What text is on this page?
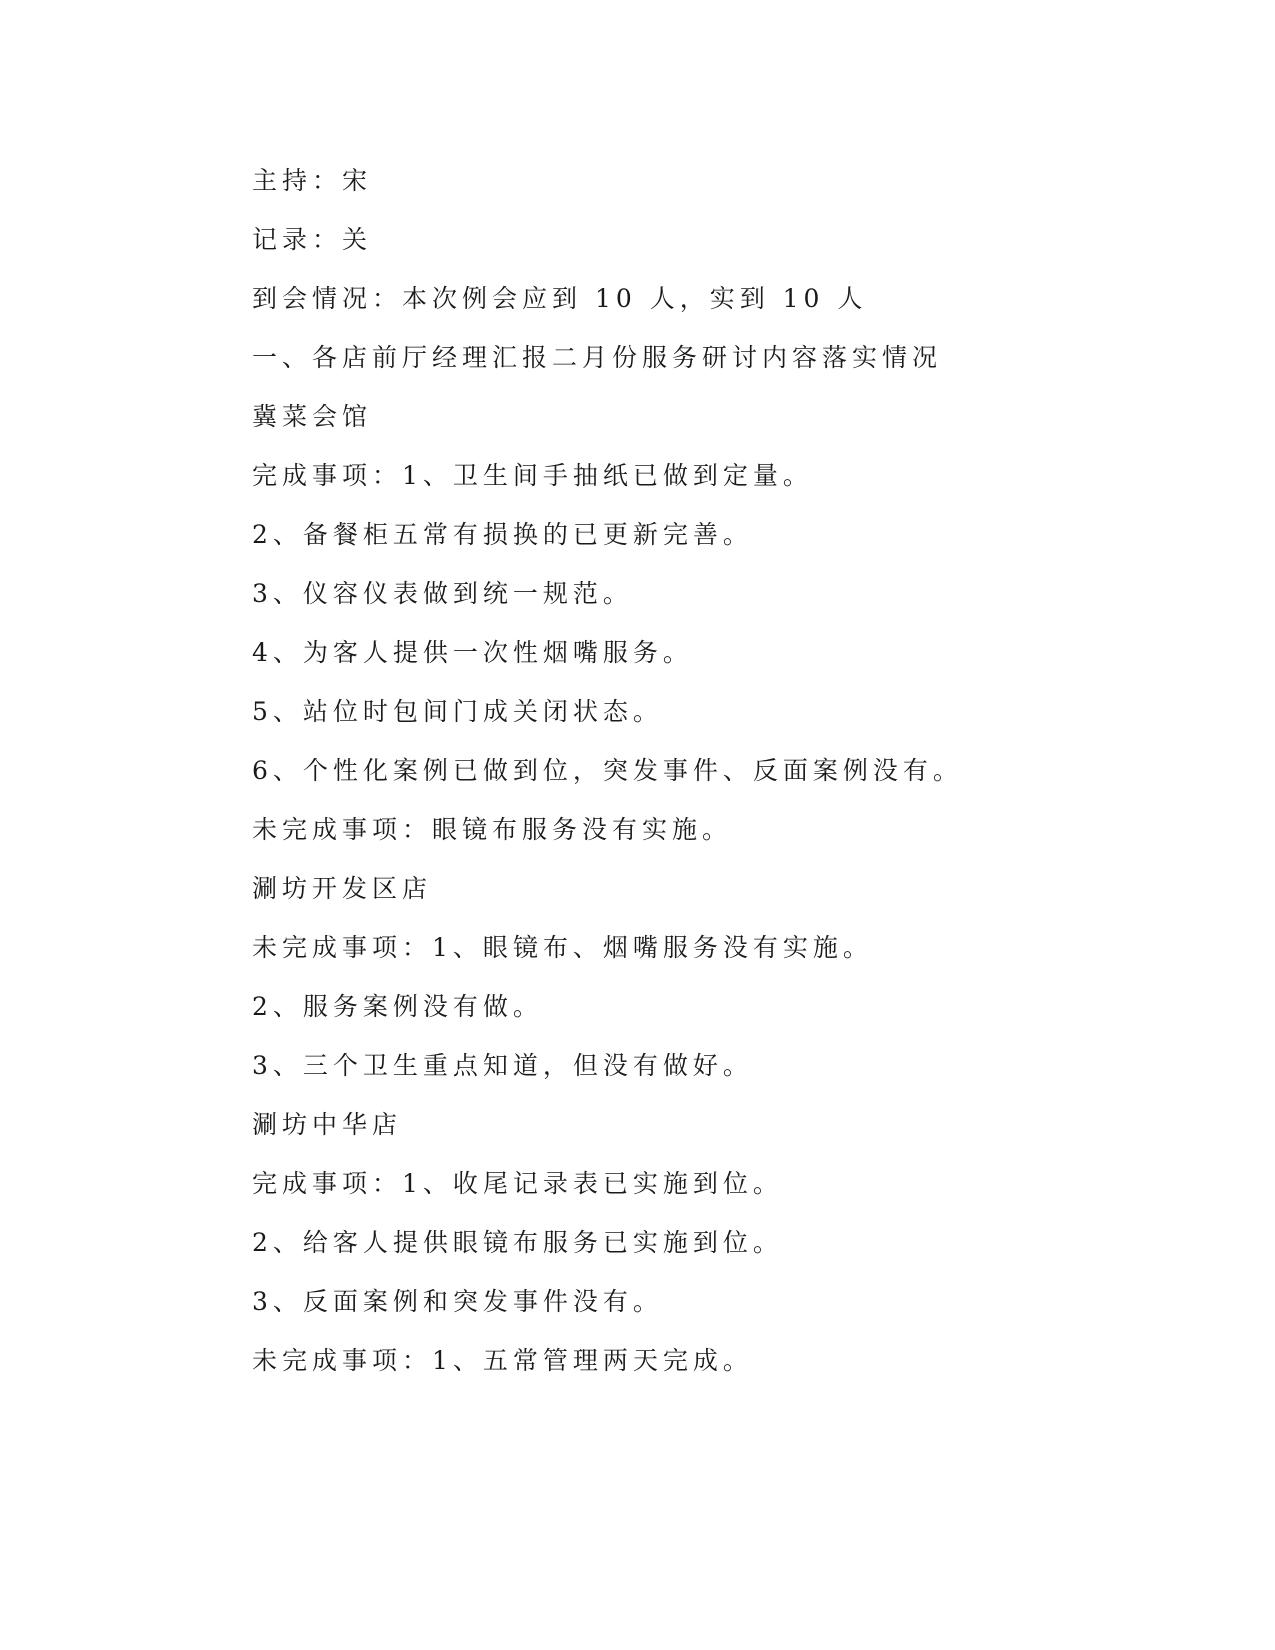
主持：宋
记录：关
到会情况：本次例会应到 10 人，实到 10 人
一、各店前厅经理汇报二月份服务研讨内容落实情况
冀菜会馆
完成事项：1、卫生间手抽纸已做到定量。
2、备餐柜五常有损换的已更新完善。
3、仪容仪表做到统一规范。
4、为客人提供一次性烟嘴服务。
5、站位时包间门成关闭状态。
6、个性化案例已做到位，突发事件、反面案例没有。
未完成事项：眼镜布服务没有实施。
涮坊开发区店
未完成事项：1、眼镜布、烟嘴服务没有实施。
2、服务案例没有做。
3、三个卫生重点知道，但没有做好。
涮坊中华店
完成事项：1、收尾记录表已实施到位。
2、给客人提供眼镜布服务已实施到位。
3、反面案例和突发事件没有。
未完成事项：1、五常管理两天完成。
